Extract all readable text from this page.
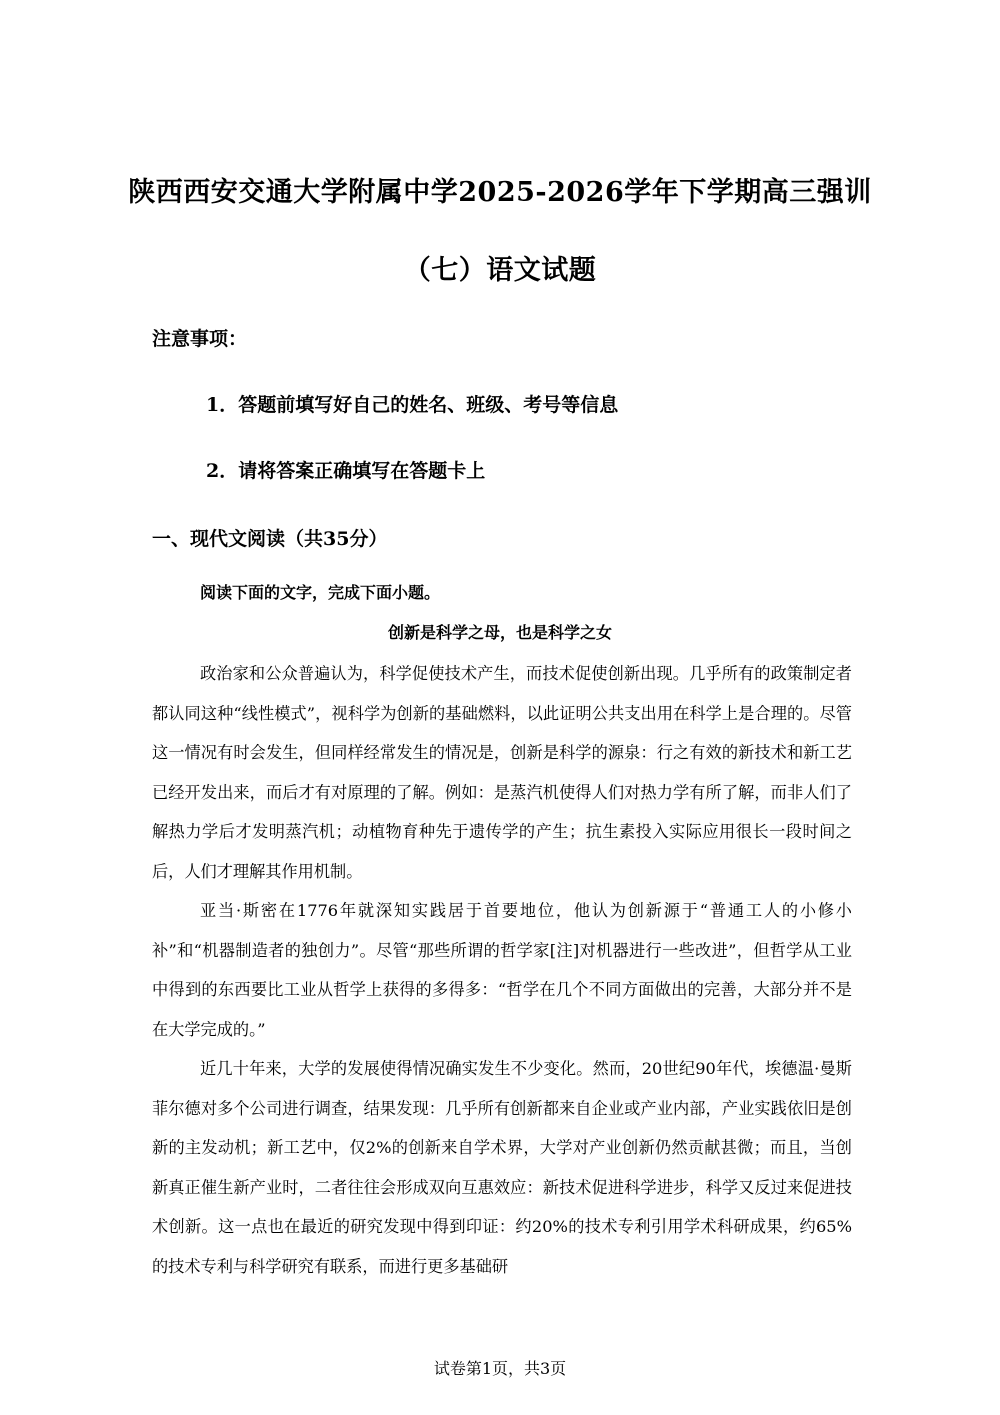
陕西西安交通大学附属中学2025-2026学年下学期高三强训
（七）语文试题
注意事项：
1．答题前填写好自己的姓名、班级、考号等信息
2．请将答案正确填写在答题卡上
一、现代文阅读（共35分）
阅读下面的文字，完成下面小题。
创新是科学之母，也是科学之女

政治家和公众普遍认为，科学促使技术产生，而技术促使创新出现。几乎所有的政策制定者都认同这种“线性模式”，视科学为创新的基础燃料，以此证明公共支出用在科学上是合理的。尽管这一情况有时会发生，但同样经常发生的情况是，创新是科学的源泉：行之有效的新技术和新工艺已经开发出来，而后才有对原理的了解。例如：是蒸汽机使得人们对热力学有所了解，而非人们了解热力学后才发明蒸汽机；动植物育种先于遗传学的产生；抗生素投入实际应用很长一段时间之后，人们才理解其作用机制。

亚当·斯密在1776年就深知实践居于首要地位，他认为创新源于“普通工人的小修小补”和“机器制造者的独创力”。尽管“那些所谓的哲学家[注]对机器进行一些改进”，但哲学从工业中得到的东西要比工业从哲学上获得的多得多：“哲学在几个不同方面做出的完善，大部分并不是在大学完成的。”

近几十年来，大学的发展使得情况确实发生不少变化。然而，20世纪90年代，埃德温·曼斯菲尔德对多个公司进行调查，结果发现：几乎所有创新都来自企业或产业内部，产业实践依旧是创新的主发动机；新工艺中，仅2%的创新来自学术界，大学对产业创新仍然贡献甚微；而且，当创新真正催生新产业时，二者往往会形成双向互惠效应：新技术促进科学进步，科学又反过来促进技术创新。这一点也在最近的研究发现中得到印证：约20%的技术专利引用学术科研成果，约65%的技术专利与科学研究有联系，而进行更多基础研

试卷第1页，共3页
